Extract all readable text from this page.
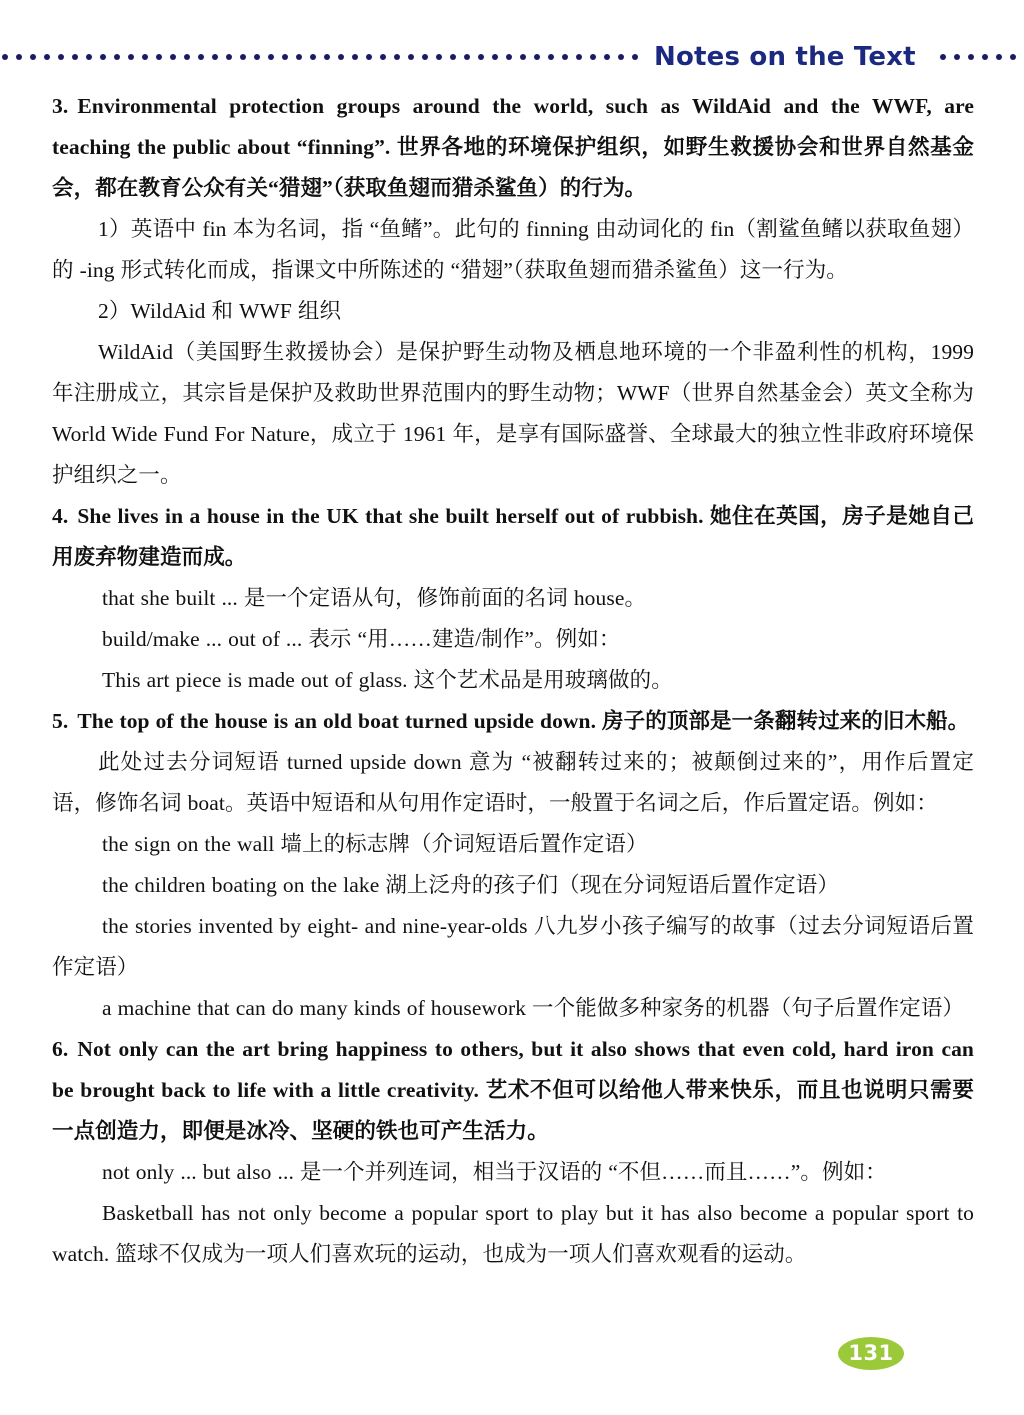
Notes on the Text

3. Environmental protection groups around the world, such as WildAid and the WWF, are teaching the public about “finning”. 世界各地的环境保护组织，如野生救援协会和世界自然基金会，都在教育公众有关“猎翅”（获取鱼翅而猎杀鲨鱼）的行为。

1）英语中 fin 本为名词，指 “鱼鳍”。此句的 finning 由动词化的 fin（割鲨鱼鳍以获取鱼翅）的 -ing 形式转化而成，指课文中所陈述的 “猎翅”（获取鱼翅而猎杀鲨鱼）这一行为。

2）WildAid 和 WWF 组织

WildAid（美国野生救援协会）是保护野生动物及栖息地环境的一个非盈利性的机构，1999 年注册成立，其宗旨是保护及救助世界范围内的野生动物；WWF（世界自然基金会）英文全称为 World Wide Fund For Nature，成立于 1961 年，是享有国际盛誉、全球最大的独立性非政府环境保护组织之一。

4. She lives in a house in the UK that she built herself out of rubbish. 她住在英国，房子是她自己用废弃物建造而成。

that she built ... 是一个定语从句，修饰前面的名词 house。

build/make ... out of ... 表示 “用……建造/制作”。例如：

This art piece is made out of glass. 这个艺术品是用玻璃做的。

5. The top of the house is an old boat turned upside down. 房子的顶部是一条翻转过来的旧木船。

此处过去分词短语 turned upside down 意为 “被翻转过来的；被颠倒过来的”，用作后置定语，修饰名词 boat。英语中短语和从句用作定语时，一般置于名词之后，作后置定语。例如：

the sign on the wall 墙上的标志牌（介词短语后置作定语）

the children boating on the lake 湖上泛舟的孩子们（现在分词短语后置作定语）

the stories invented by eight- and nine-year-olds 八九岁小孩子编写的故事（过去分词短语后置作定语）

a machine that can do many kinds of housework 一个能做多种家务的机器（句子后置作定语）

6. Not only can the art bring happiness to others, but it also shows that even cold, hard iron can be brought back to life with a little creativity. 艺术不但可以给他人带来快乐，而且也说明只需要一点创造力，即便是冰冷、坚硬的铁也可产生活力。

not only ... but also ... 是一个并列连词，相当于汉语的 “不但……而且……”。例如：

Basketball has not only become a popular sport to play but it has also become a popular sport to watch. 篮球不仅成为一项人们喜欢玩的运动，也成为一项人们喜欢观看的运动。

131
